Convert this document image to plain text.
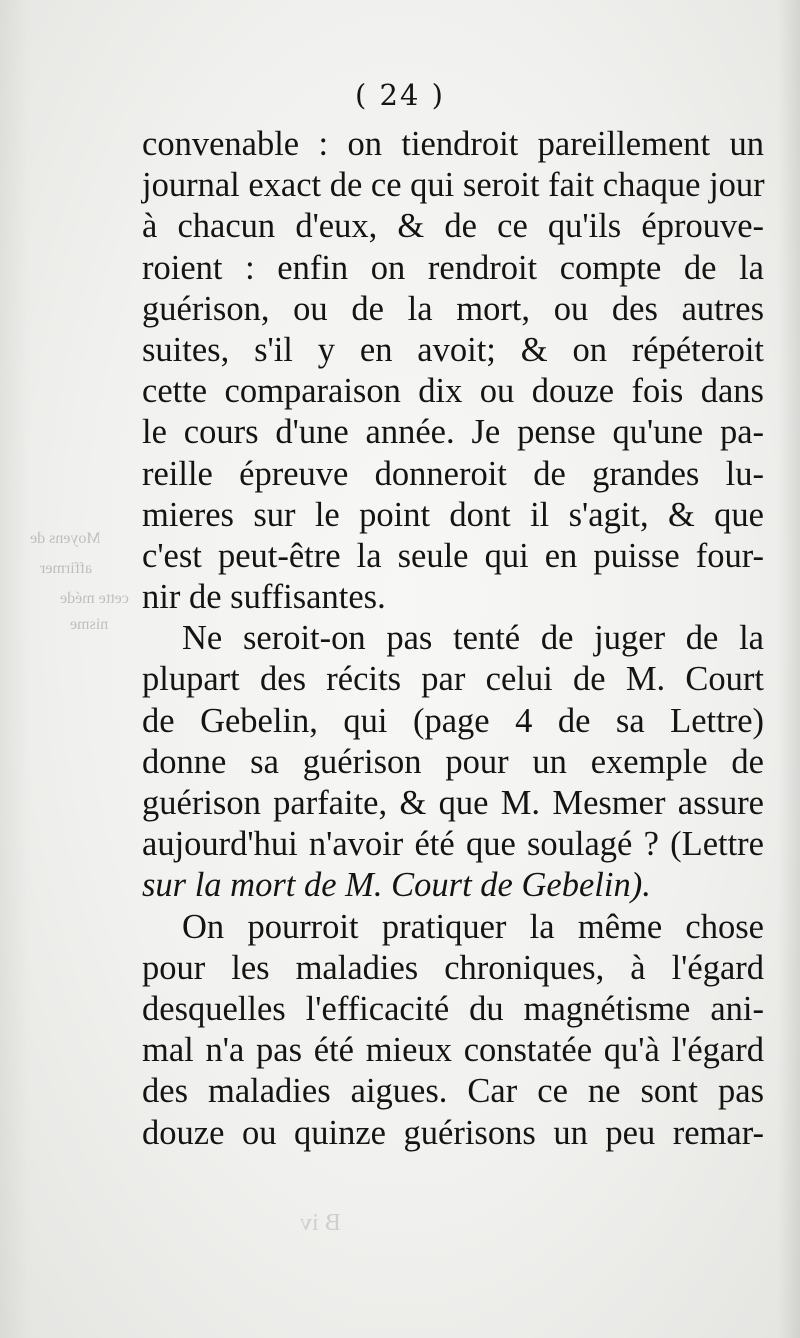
Moyens de
affirmer
cette méde
nisme
B iv
( 24 )
convenable : on tiendroit pareillement un
journal exact de ce qui seroit fait chaque jour
à chacun d'eux, & de ce qu'ils éprouve-
roient : enfin on rendroit compte de la
guérison, ou de la mort, ou des autres
suites, s'il y en avoit; & on répéteroit
cette comparaison dix ou douze fois dans
le cours d'une année. Je pense qu'une pa-
reille épreuve donneroit de grandes lu-
mieres sur le point dont il s'agit, & que
c'est peut-être la seule qui en puisse four-
nir de suffisantes.
Ne seroit-on pas tenté de juger de la
plupart des récits par celui de M. Court
de Gebelin, qui (page 4 de sa Lettre)
donne sa guérison pour un exemple de
guérison parfaite, & que M. Mesmer assure
aujourd'hui n'avoir été que soulagé ? (Lettre
sur la mort de M. Court de Gebelin).
On pourroit pratiquer la même chose
pour les maladies chroniques, à l'égard
desquelles l'efficacité du magnétisme ani-
mal n'a pas été mieux constatée qu'à l'égard
des maladies aigues. Car ce ne sont pas
douze ou quinze guérisons un peu remar-
